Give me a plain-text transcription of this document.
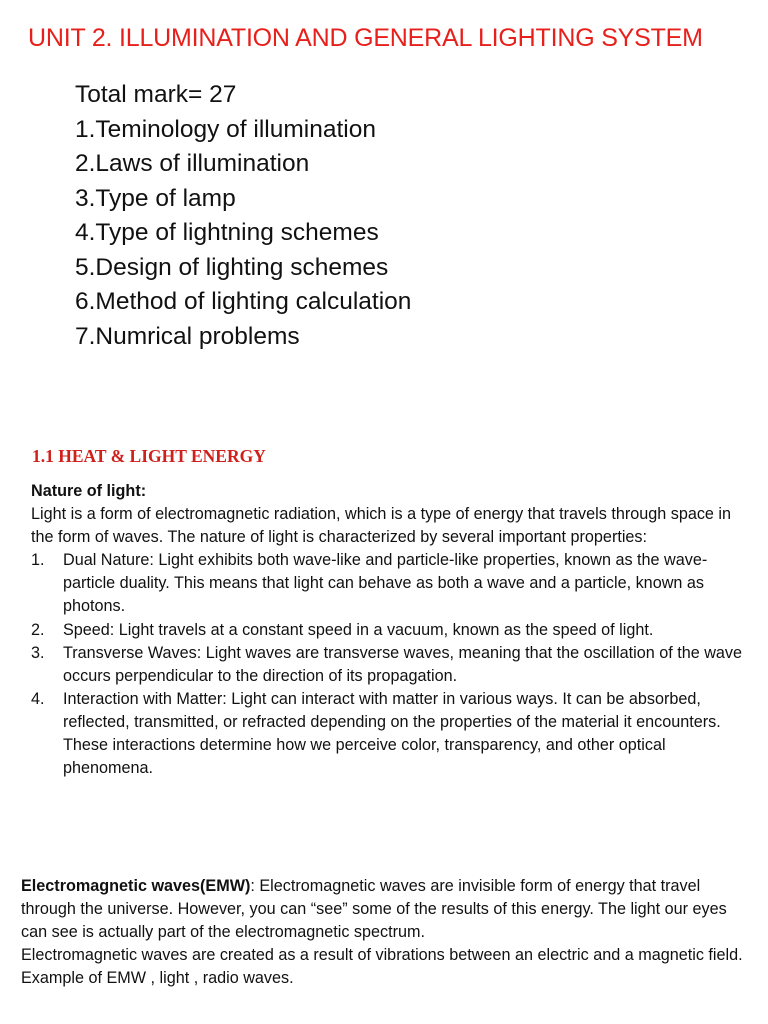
UNIT 2. ILLUMINATION AND GENERAL LIGHTING SYSTEM
Total mark= 27
1.Teminology of illumination
2.Laws of illumination
3.Type of lamp
4.Type of lightning schemes
5.Design of lighting schemes
6.Method of lighting calculation
7.Numrical problems
1.1 HEAT & LIGHT ENERGY
Nature of light:
Light is a form of electromagnetic radiation, which is a type of energy that travels through space in the form of waves. The nature of light is characterized by several important properties:
1. Dual Nature: Light exhibits both wave-like and particle-like properties, known as the wave-particle duality. This means that light can behave as both a wave and a particle, known as photons.
2. Speed: Light travels at a constant speed in a vacuum, known as the speed of light.
3. Transverse Waves: Light waves are transverse waves, meaning that the oscillation of the wave occurs perpendicular to the direction of its propagation.
4. Interaction with Matter: Light can interact with matter in various ways. It can be absorbed, reflected, transmitted, or refracted depending on the properties of the material it encounters. These interactions determine how we perceive color, transparency, and other optical phenomena.
Electromagnetic waves(EMW): Electromagnetic waves are invisible form of energy that travel through the universe. However, you can “see” some of the results of this energy. The light our eyes can see is actually part of the electromagnetic spectrum.
Electromagnetic waves are created as a result of vibrations between an electric and a magnetic field. Example of EMW , light , radio waves.
